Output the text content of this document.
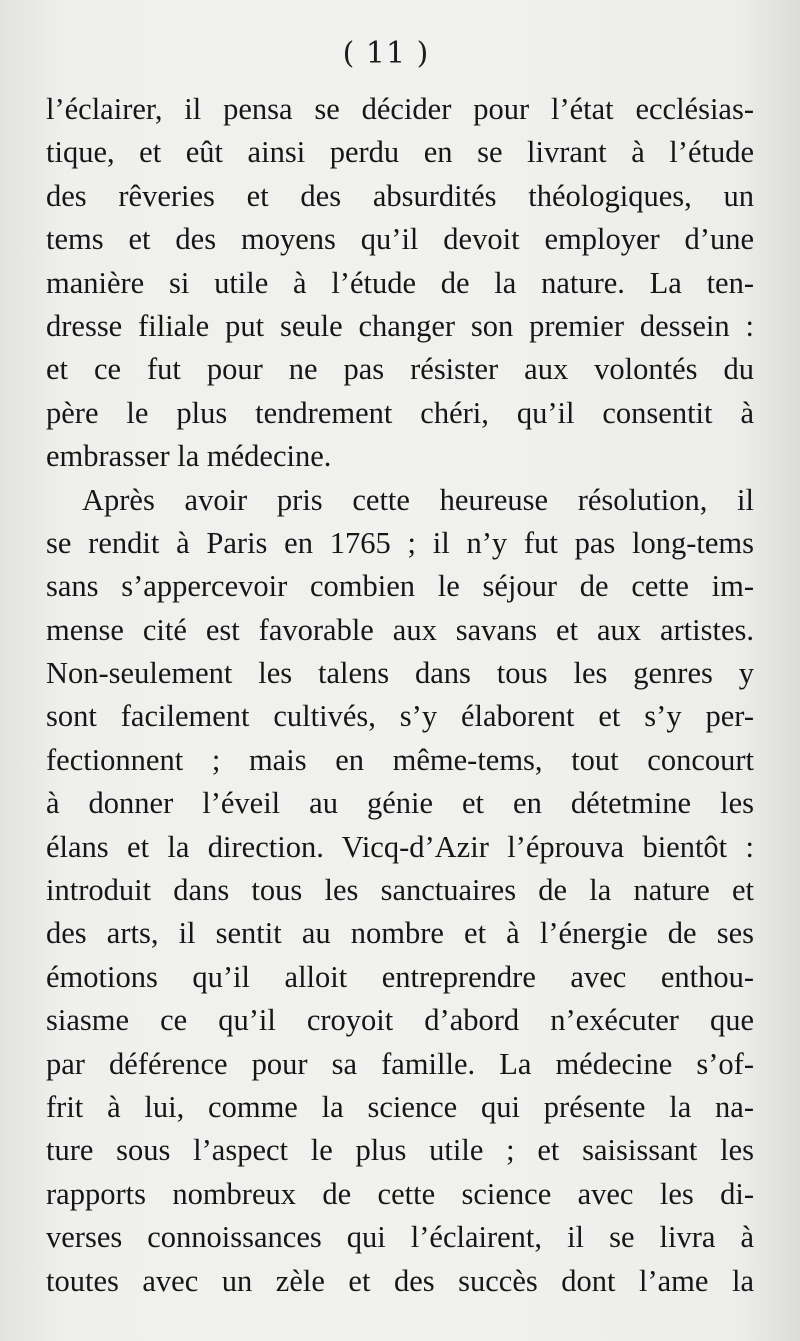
( 11 )
l’éclairer, il pensa se décider pour l’état ecclésias-
tique, et eût ainsi perdu en se livrant à l’étude
des rêveries et des absurdités théologiques, un
tems et des moyens qu’il devoit employer d’une
manière si utile à l’étude de la nature. La ten-
dresse filiale put seule changer son premier dessein :
et ce fut pour ne pas résister aux volontés du
père le plus tendrement chéri, qu’il consentit à
embrasser la médecine.
Après avoir pris cette heureuse résolution, il
se rendit à Paris en 1765 ; il n’y fut pas long-tems
sans s’appercevoir combien le séjour de cette im-
mense cité est favorable aux savans et aux artistes.
Non-seulement les talens dans tous les genres y
sont facilement cultivés, s’y élaborent et s’y per-
fectionnent ; mais en même-tems, tout concourt
à donner l’éveil au génie et en détetmine les
élans et la direction. Vicq-d’Azir l’éprouva bientôt :
introduit dans tous les sanctuaires de la nature et
des arts, il sentit au nombre et à l’énergie de ses
émotions qu’il alloit entreprendre avec enthou-
siasme ce qu’il croyoit d’abord n’exécuter que
par déférence pour sa famille. La médecine s’of-
frit à lui, comme la science qui présente la na-
ture sous l’aspect le plus utile ; et saisissant les
rapports nombreux de cette science avec les di-
verses connoissances qui l’éclairent, il se livra à
toutes avec un zèle et des succès dont l’ame la
